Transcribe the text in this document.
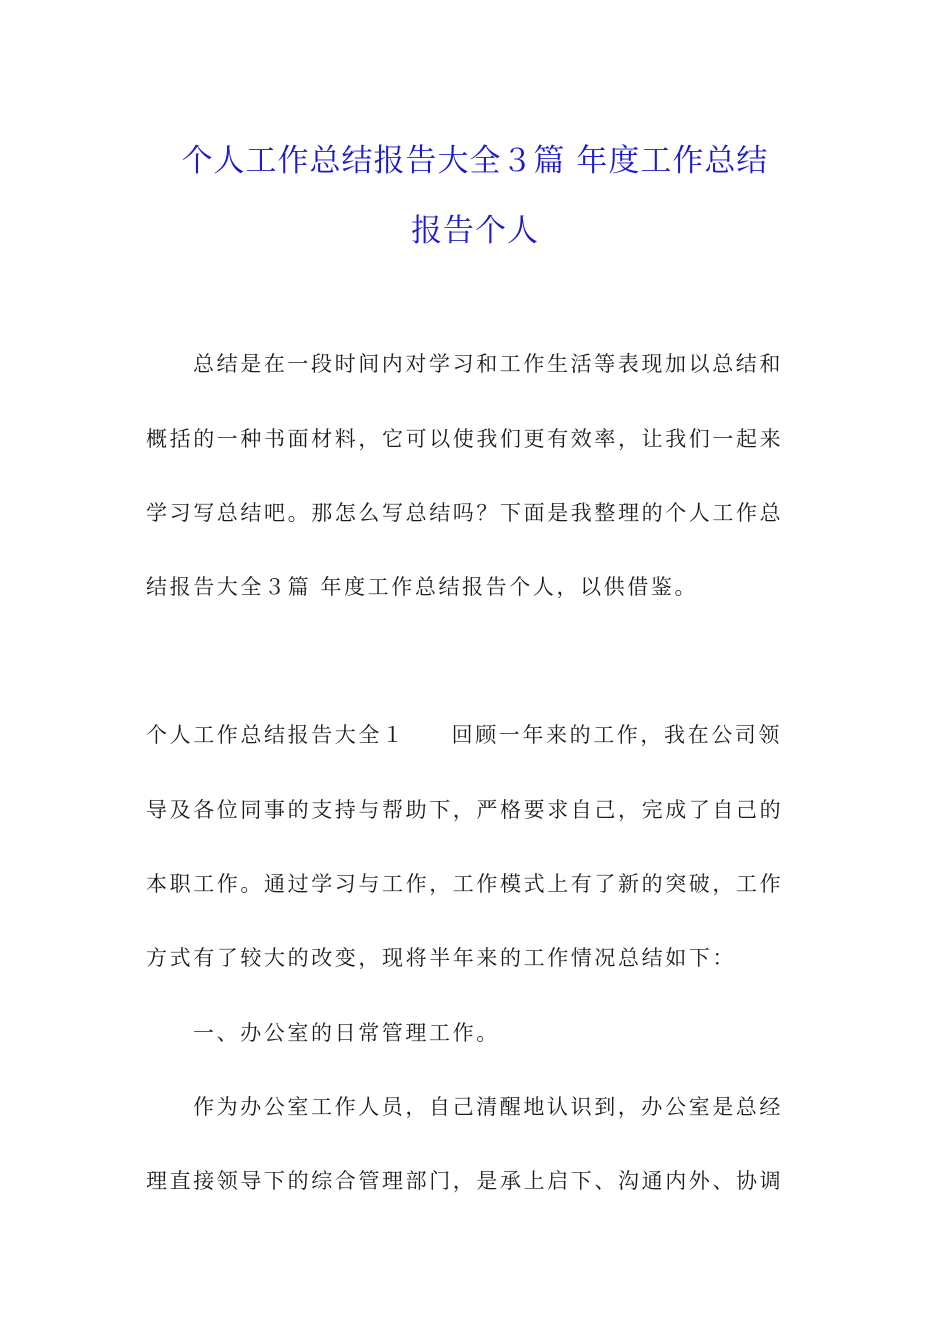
个人工作总结报告大全３篇 年度工作总结
报告个人

总结是在一段时间内对学习和工作生活等表现加以总结和

概括的一种书面材料，它可以使我们更有效率，让我们一起来

学习写总结吧。那怎么写总结吗？下面是我整理的个人工作总

结报告大全３篇 年度工作总结报告个人，以供借鉴。

个人工作总结报告大全１ 回顾一年来的工作，我在公司领

导及各位同事的支持与帮助下，严格要求自己，完成了自己的

本职工作。通过学习与工作，工作模式上有了新的突破，工作

方式有了较大的改变，现将半年来的工作情况总结如下：

一、办公室的日常管理工作。

作为办公室工作人员，自己清醒地认识到，办公室是总经

理直接领导下的综合管理部门，是承上启下、沟通内外、协调
